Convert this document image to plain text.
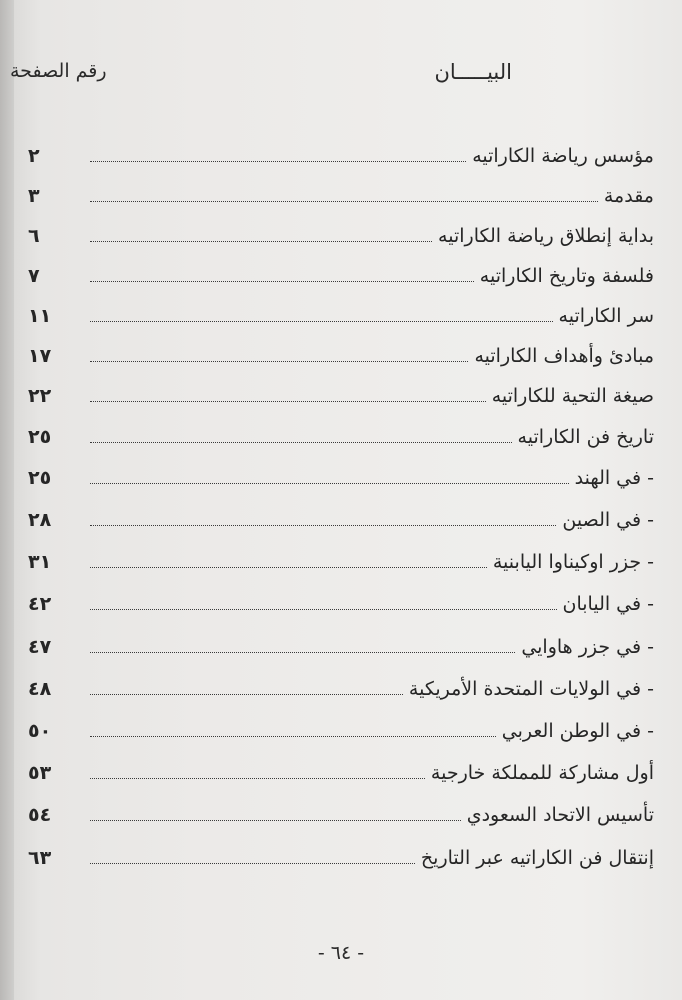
البيـــــان
رقم الصفحة
مؤسس رياضة الكاراتيه
٢
مقدمة
٣
بداية إنطلاق رياضة الكاراتيه
٦
فلسفة وتاريخ الكاراتيه
٧
سر الكاراتيه
١١
مبادئ وأهداف الكاراتيه
١٧
صيغة التحية للكاراتيه
٢٢
تاريخ فن الكاراتيه
٢٥
- في الهند
٢٥
- في الصين
٢٨
- جزر اوكيناوا اليابنية
٣١
- في اليابان
٤٢
- في جزر هاوايي
٤٧
- في الولايات المتحدة الأمريكية
٤٨
- في الوطن العربي
٥٠
أول مشاركة للمملكة خارجية
٥٣
تأسيس الاتحاد السعودي
٥٤
إنتقال فن الكاراتيه عبر التاريخ
٦٣
- ٦٤ -
